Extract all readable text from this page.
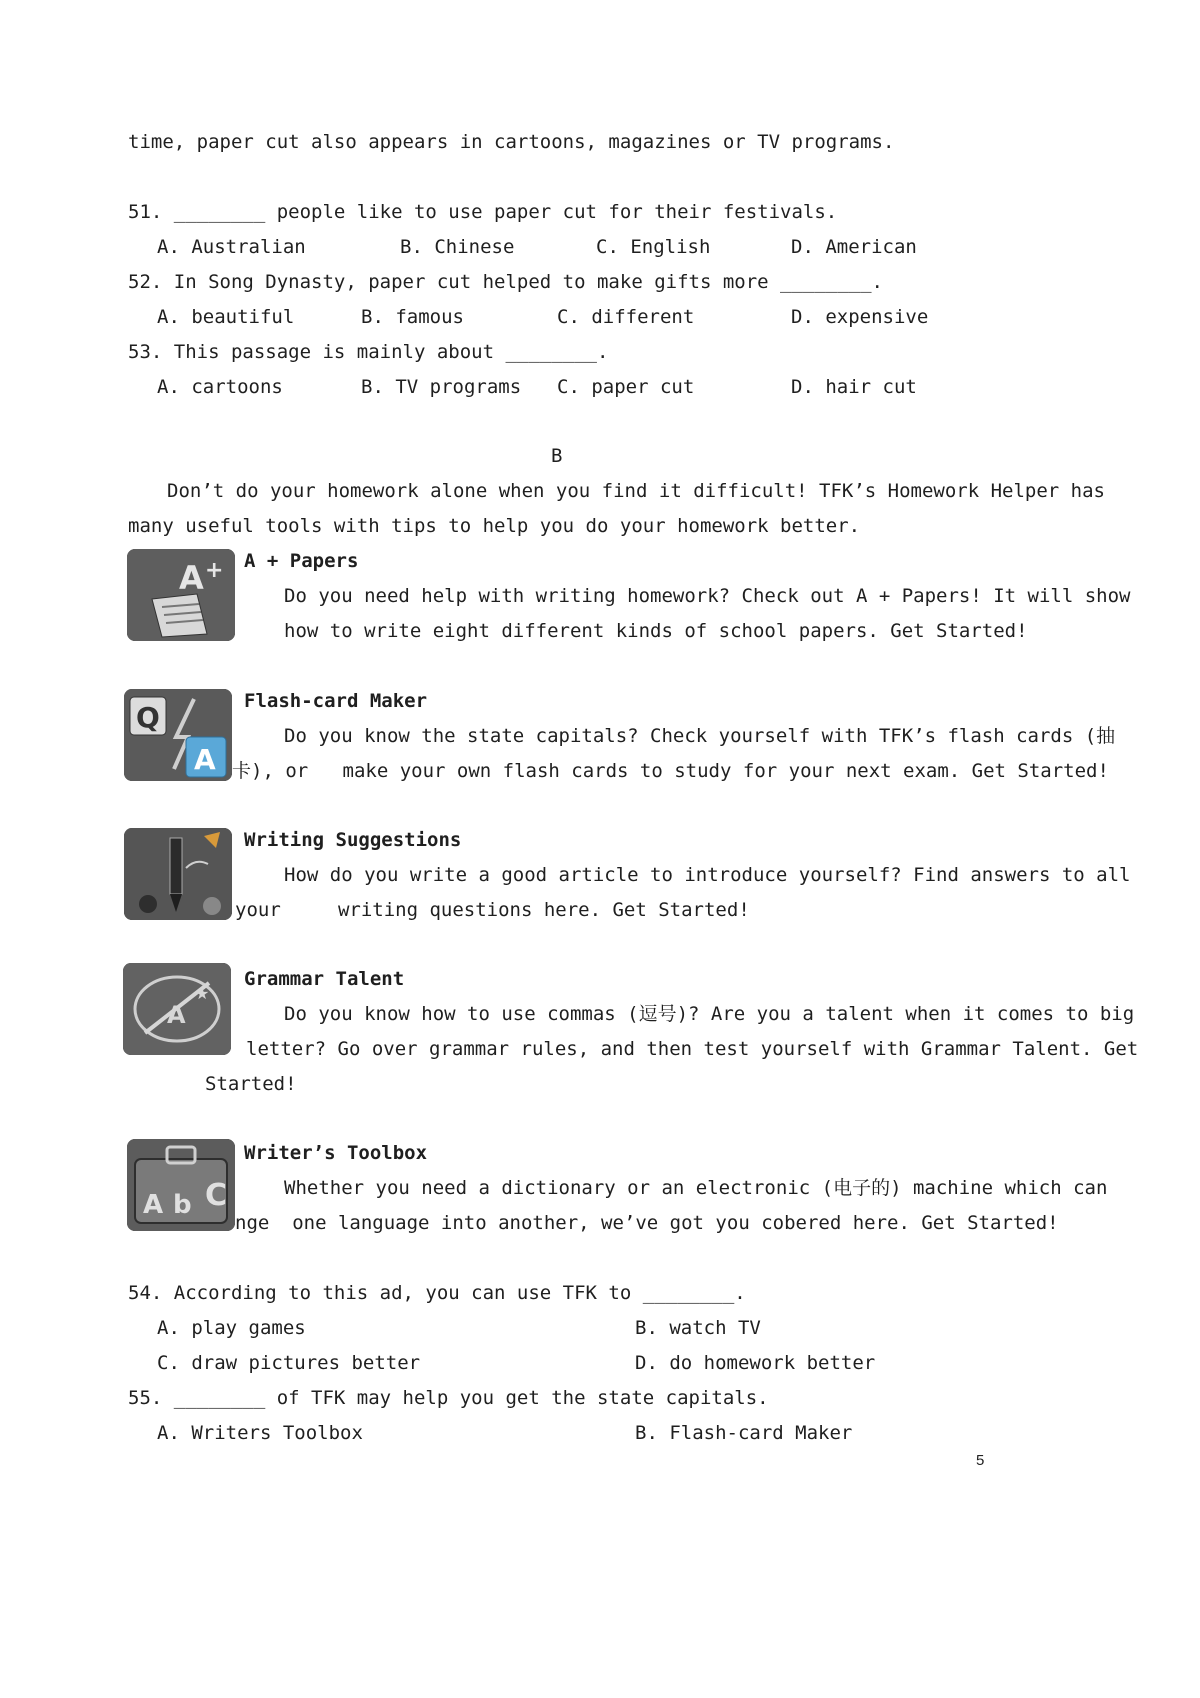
time, paper cut also appears in cartoons, magazines or TV programs.
51. ________ people like to use paper cut for their festivals.
A. Australian	B. Chinese	C. English	D. American
52. In Song Dynasty, paper cut helped to make gifts more ________.
A. beautiful	B. famous	C. different	D. expensive
53. This passage is mainly about ________.
A. cartoons	B. TV programs C. paper cut	D. hair cut
B
Don’t do your homework alone when you find it difficult! TFK’s Homework Helper has
many useful tools with tips to help you do your homework better.
A + A + Papers
Do you need help with writing homework? Check out A + Papers! It will show
how to write eight different kinds of school papers. Get Started!
Q
A
Flash-card Maker
Do you know the state capitals? Check yourself with TFK’s flash cards (抽
卡), or   make your own flash cards to study for your next exam. Get Started!
Writing Suggestions
How do you write a good article to introduce yourself? Find answers to all
your     writing questions here. Get Started!
A
★
Grammar Talent
Do you know how to use commas (逗号)? Are you a talent when it comes to big
letter? Go over grammar rules, and then test yourself with Grammar Talent. Get
Started!
A b C
Writer’s Toolbox
Whether you need a dictionary or an electronic (电子的) machine which can
nge  one language into another, we’ve got you cobered here. Get Started!
54. According to this ad, you can use TFK to ________.
A. play games	B. watch TV
C. draw pictures better	D. do homework better
55. ________ of TFK may help you get the state capitals.
A. Writers Toolbox	B. Flash-card Maker
5
